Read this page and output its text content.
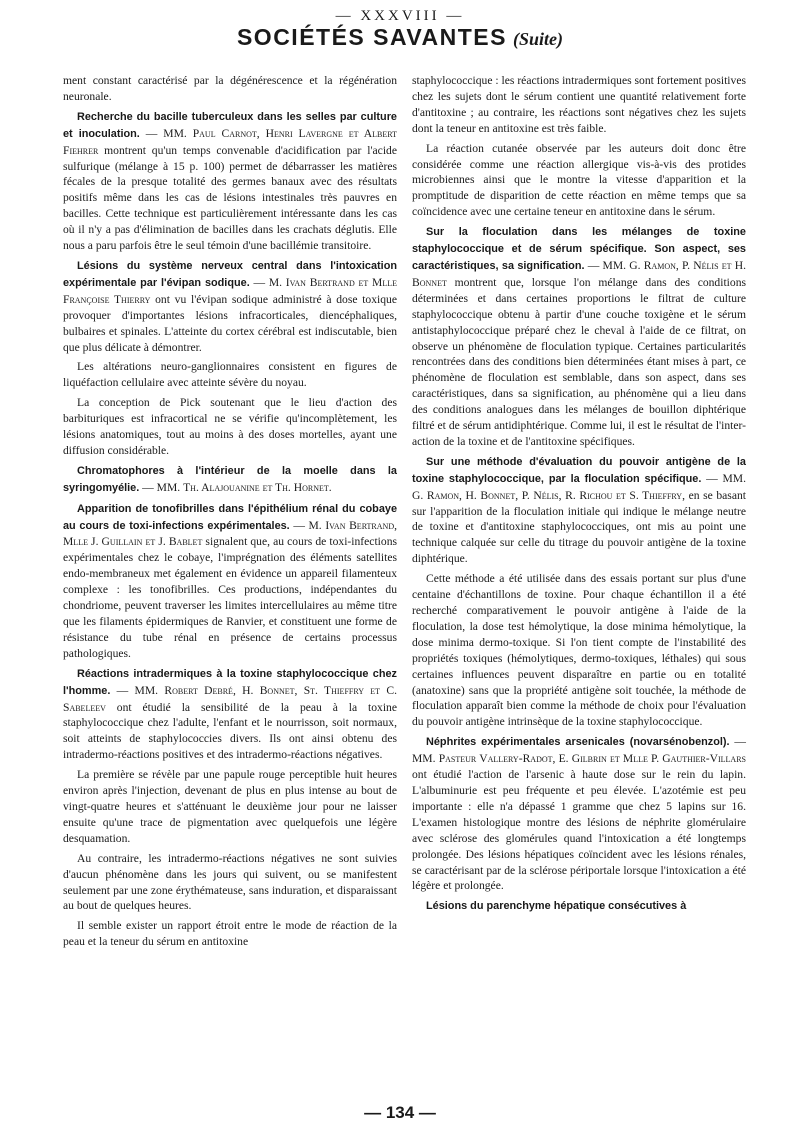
— XXXVIII —
SOCIÉTÉS SAVANTES (Suite)

ment constant caractérisé par la dégénérescence et la régénération neuronale.

Recherche du bacille tuberculeux dans les selles par culture et inoculation. — MM. Paul Carnot, Henri Lavergne et Albert Fiehrer montrent qu'un temps convenable d'acidification par l'acide sulfurique (mélange à 15 p. 100) permet de débarrasser les matières fécales de la presque totalité des germes banaux avec des résultats positifs même dans les cas de lésions intestinales très pauvres en bacilles. Cette technique est particulièrement intéressante dans les cas où il n'y a pas d'élimination de bacilles dans les crachats déglutis. Elle nous a paru parfois être le seul témoin d'une bacillémie transitoire.

Lésions du système nerveux central dans l'intoxication expérimentale par l'évipan sodique. — M. Ivan Bertrand et Mlle Françoise Thierry ont vu l'évipan sodique administré à dose toxique provoquer d'importantes lésions infracorticales, diencéphaliques, bulbaires et spinales. L'atteinte du cortex cérébral est indiscutable, bien que plus délicate à démontrer.

Les altérations neuro-ganglionnaires consistent en figures de liquéfaction cellulaire avec atteinte sévère du noyau.

La conception de Pick soutenant que le lieu d'action des barbituriques est infracortical ne se vérifie qu'incomplètement, les lésions anatomiques, tout au moins à des doses mortelles, ayant une diffusion considérable.

Chromatophores à l'intérieur de la moelle dans la syringomyélie. — MM. Th. Alajouanine et Th. Hornet.

Apparition de tonofibrilles dans l'épithélium rénal du cobaye au cours de toxi-infections expérimentales. — M. Ivan Bertrand, Mlle J. Guillain et J. Bablet signalent que, au cours de toxi-infections expérimentales chez le cobaye, l'imprégnation des éléments satellites endo-membraneux met également en évidence un appareil filamenteux complexe : les tonofibrilles. Ces productions, indépendantes du chondriome, peuvent traverser les limites intercellulaires au même titre que les filaments épidermiques de Ranvier, et constituent une forme de résistance du tube rénal en présence de certains processus pathologiques.

Réactions intradermiques à la toxine staphylococcique chez l'homme. — MM. Robert Debré, H. Bonnet, St. Thieffry et C. Sabeleev ont étudié la sensibilité de la peau à la toxine staphylococcique chez l'adulte, l'enfant et le nourrisson, soit normaux, soit atteints de staphylococcies divers. Ils ont ainsi obtenu des intradermo-réactions positives et des intradermo-réactions négatives.

La première se révèle par une papule rouge perceptible huit heures environ après l'injection, devenant de plus en plus intense au bout de vingt-quatre heures et s'atténuant le deuxième jour pour ne laisser ensuite qu'une trace de pigmentation avec quelquefois une légère desquamation.

Au contraire, les intradermo-réactions négatives ne sont suivies d'aucun phénomène dans les jours qui suivent, ou se manifestent seulement par une zone érythémateuse, sans induration, et disparaissant au bout de quelques heures.

Il semble exister un rapport étroit entre le mode de réaction de la peau et la teneur du sérum en antitoxine

staphylococcique : les réactions intradermiques sont fortement positives chez les sujets dont le sérum contient une quantité relativement forte d'antitoxine ; au contraire, les réactions sont négatives chez les sujets dont la teneur en antitoxine est très faible.

La réaction cutanée observée par les auteurs doit donc être considérée comme une réaction allergique vis-à-vis des protides microbiennes ainsi que le montre la vitesse d'apparition et la promptitude de disparition de cette réaction en même temps que sa coïncidence avec une certaine teneur en antitoxine dans le sérum.

Sur la floculation dans les mélanges de toxine staphylococcique et de sérum spécifique. Son aspect, ses caractéristiques, sa signification. — MM. G. Ramon, P. Nélis et H. Bonnet montrent que, lorsque l'on mélange dans des conditions déterminées et dans certaines proportions le filtrat de culture staphylococcique obtenu à partir d'une couche toxigène et le sérum antistaphylococcique préparé chez le cheval à l'aide de ce filtrat, on observe un phénomène de floculation typique. Certaines particularités rencontrées dans des conditions bien déterminées étant mises à part, ce phénomène de floculation est semblable, dans son aspect, dans ses caractéristiques, dans sa signification, au phénomène qui a lieu dans des conditions analogues dans les mélanges de bouillon diphtérique filtré et de sérum antidiphtérique. Comme lui, il est le résultat de l'inter-action de la toxine et de l'antitoxine spécifiques.

Sur une méthode d'évaluation du pouvoir antigène de la toxine staphylococcique, par la floculation spécifique. — MM. G. Ramon, H. Bonnet, P. Nélis, R. Richou et S. Thieffry, en se basant sur l'apparition de la floculation initiale qui indique le mélange neutre de toxine et d'antitoxine staphylococciques, ont mis au point une technique calquée sur celle du titrage du pouvoir antigène de la toxine diphtérique.

Cette méthode a été utilisée dans des essais portant sur plus d'une centaine d'échantillons de toxine. Pour chaque échantillon il a été recherché comparativement le pouvoir antigène à l'aide de la floculation, la dose test hémolytique, la dose minima hémolytique, la dose minima dermo-toxique. Si l'on tient compte de l'instabilité des propriétés toxiques (hémolytiques, dermo-toxiques, léthales) qui sous certaines influences peuvent disparaître en partie ou en totalité (anatoxine) sans que la propriété antigène soit touchée, la méthode de floculation apparaît bien comme la méthode de choix pour l'évaluation du pouvoir antigène intrinsèque de la toxine staphylococcique.

Néphrites expérimentales arsenicales (novarsénobenzol). — MM. Pasteur Vallery-Radot, E. Gilbrin et Mlle P. Gauthier-Villars ont étudié l'action de l'arsenic à haute dose sur le rein du lapin. L'albuminurie est peu fréquente et peu élevée. L'azotémie est peu importante : elle n'a dépassé 1 gramme que chez 5 lapins sur 16. L'examen histologique montre des lésions de néphrite glomérulaire avec sclérose des glomérules quand l'intoxication a été longtemps prolongée. Des lésions hépatiques coïncident avec les lésions rénales, se caractérisant par de la sclérose périportale lorsque l'intoxication a été légère et prolongée.

Lésions du parenchyme hépatique consécutives à

— 134 —
